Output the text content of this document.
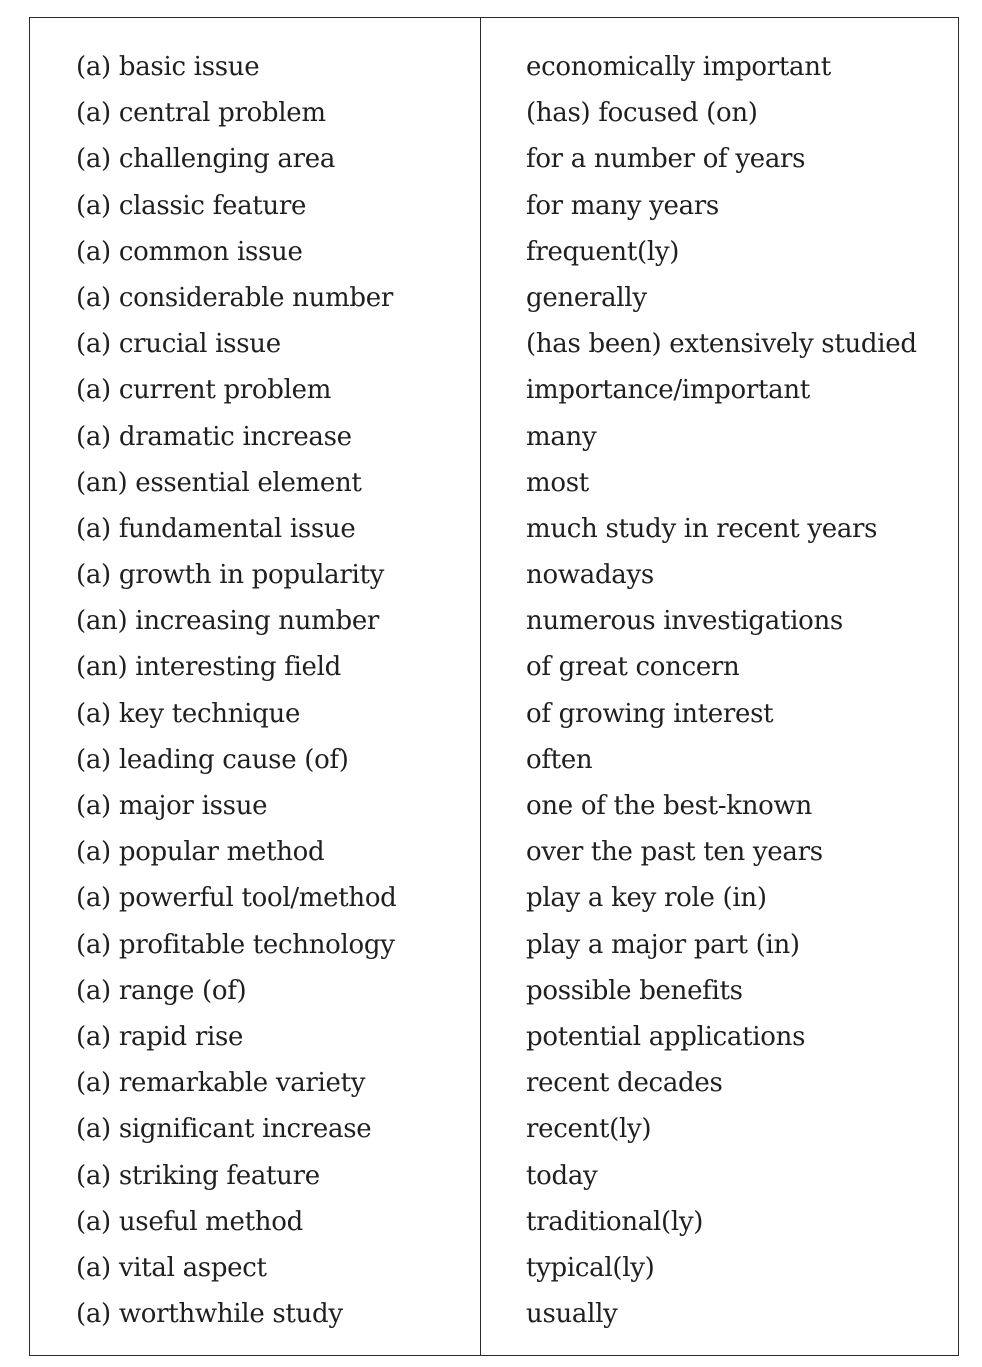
(a) basic issue
(a) central problem
(a) challenging area
(a) classic feature
(a) common issue
(a) considerable number
(a) crucial issue
(a) current problem
(a) dramatic increase
(an) essential element
(a) fundamental issue
(a) growth in popularity
(an) increasing number
(an) interesting field
(a) key technique
(a) leading cause (of)
(a) major issue
(a) popular method
(a) powerful tool/method
(a) profitable technology
(a) range (of)
(a) rapid rise
(a) remarkable variety
(a) significant increase
(a) striking feature
(a) useful method
(a) vital aspect
(a) worthwhile study
economically important
(has) focused (on)
for a number of years
for many years
frequent(ly)
generally
(has been) extensively studied
importance/important
many
most
much study in recent years
nowadays
numerous investigations
of great concern
of growing interest
often
one of the best-known
over the past ten years
play a key role (in)
play a major part (in)
possible benefits
potential applications
recent decades
recent(ly)
today
traditional(ly)
typical(ly)
usually
